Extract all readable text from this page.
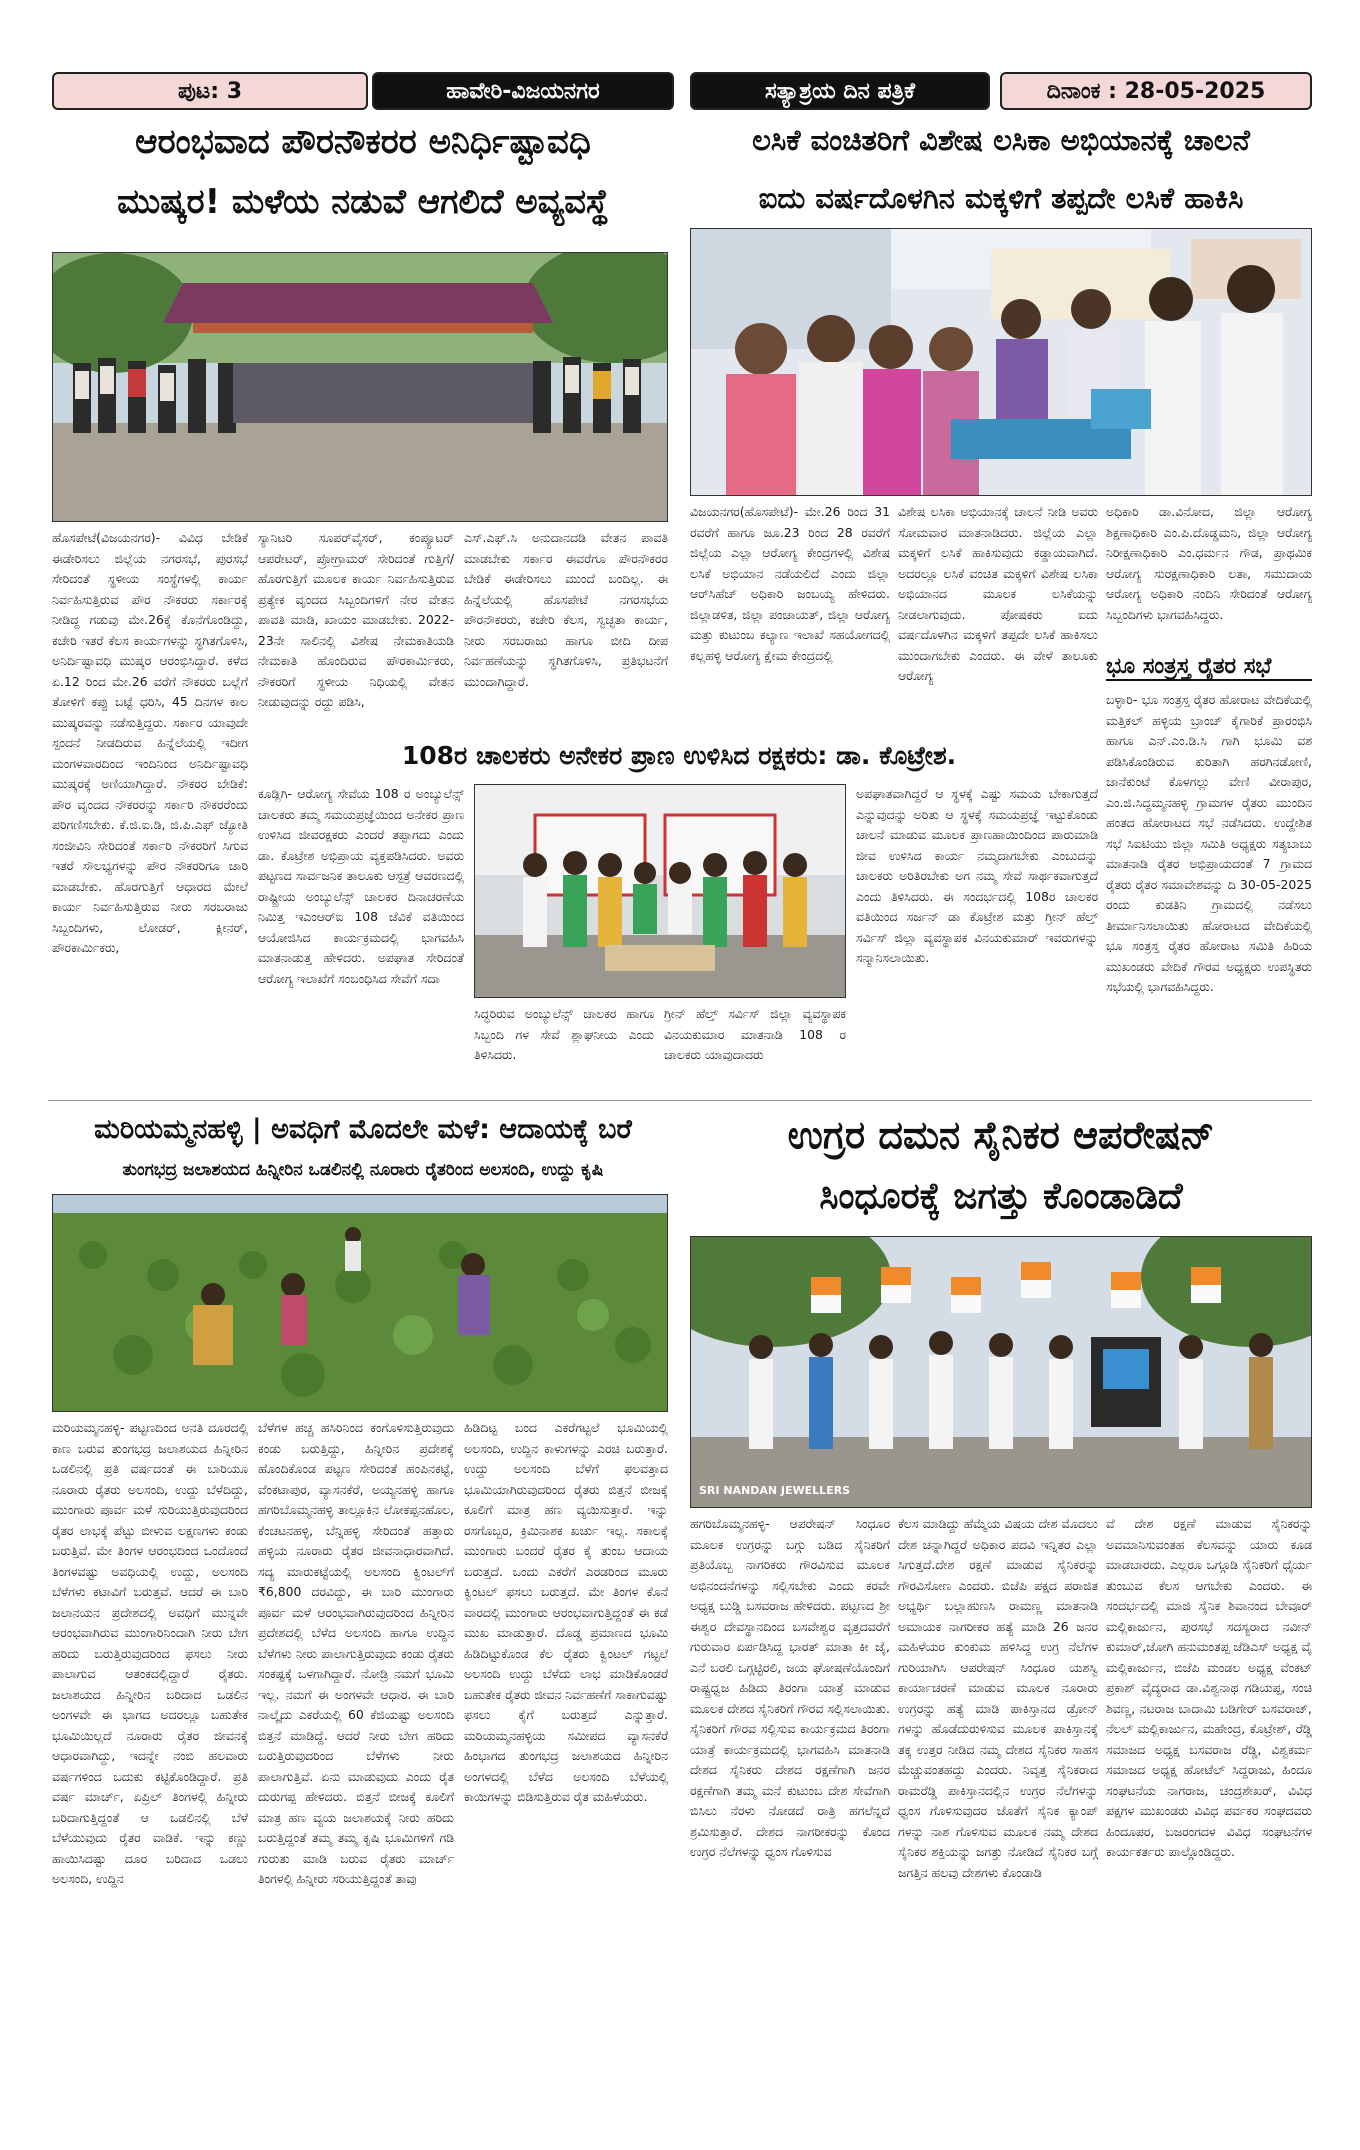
ಪುಟ: 3	ಹಾವೇರಿ-ವಿಜಯನಗರ	ಸತ್ಯಾಶ್ರಯ ದಿನ ಪತ್ರಿಕೆ	ದಿನಾಂಕ : 28-05-2025
ಆರಂಭವಾದ ಪೌರನೌಕರರ ಅನಿರ್ಧಿಷ್ಟಾವಧಿ
ಮುಷ್ಕರ! ಮಳೆಯ ನಡುವೆ ಆಗಲಿದೆ ಅವ್ಯವಸ್ಥೆ
ಹೊಸಪೇಟೆ(ವಿಜಯನಗರ)- ವಿವಿಧ ಬೇಡಿಕೆ ಈಡೇರಿಸಲು ಜಿಲ್ಲೆಯ ನಗರಸಭೆ, ಪುರಸಭೆ ಸೇರಿದಂತೆ ಸ್ಥಳೀಯ ಸಂಸ್ಥೆಗಳಲ್ಲಿ ಕಾರ್ಯ ನಿರ್ವಹಿಸುತ್ತಿರುವ ಪೌರ ನೌಕರರು ಸರ್ಕಾರಕ್ಕೆ ನೀಡಿದ್ದ ಗಡುವು ಮೇ.26ಕ್ಕೆ ಕೊನೆಗೊಂಡಿದ್ದು, ಕಚೇರಿ ಇತರೆ ಕೆಲಸ ಕಾರ್ಯಗಳನ್ನು ಸ್ಥಗಿತಗೊಳಿಸಿ, ಅನಿರ್ದಿಷ್ಟಾವಧಿ ಮುಷ್ಕರ ಆರಂಭಿಸಿದ್ದಾರೆ. ಕಳೆದ ಏ.12 ರಿಂದ ಮೇ.26 ವರೆಗೆ ನೌಕರರು ಬಲ್ಲೆಗೆ ತೋಳಿಗೆ ಕಪ್ಪು ಬಟ್ಟೆ ಧರಿಸಿ, 45 ದಿನಗಳ ಕಾಲ ಮುಷ್ಕರವನ್ನು ನಡೆಸುತ್ತಿದ್ದರು. ಸರ್ಕಾರ ಯಾವುದೇ ಸ್ಪಂದನೆ ನೀಡದಿರುವ ಹಿನ್ನೆಲೆಯಲ್ಲಿ ಇದೀಗ ಮಂಗಳವಾರದಿಂದ ಇಂದಿನಿಂದ ಅನಿರ್ದಿಷ್ಟಾವಧಿ ಮುಷ್ಕರಕ್ಕೆ ಅಣಿಯಾಗಿದ್ದಾರೆ. ನೌಕರರ ಬೇಡಿಕೆ: ಪೌರ ವೃಂದದ ನೌಕರರನ್ನು ಸರ್ಕಾರಿ ನೌಕರರೆಂದು ಪರಿಗಣಿಸಬೇಕು. ಕೆ.ಜಿ.ಐ.ಡಿ, ಜಿ.ಪಿ.ಎಫ್ ಜ್ಯೋತಿ ಸಂಜೀವಿನಿ ಸೇರಿದಂತೆ ಸರ್ಕಾರಿ ನೌಕರರಿಗೆ ಸಿಗುವ ಇತರೆ ಸೌಲಭ್ಯಗಳನ್ನು ಪೌರ ನೌಕರರಿಗೂ ಜಾರಿ ಮಾಡಬೇಕು. ಹೊರಗುತ್ತಿಗೆ ಆಧಾರದ ಮೇಲೆ ಕಾರ್ಯ ನಿರ್ವಹಿಸುತ್ತಿರುವ ನೀರು ಸರಬರಾಜು ಸಿಬ್ಬಂದಿಗಳು, ಲೋಡರ್, ಕ್ಲೀನರ್, ಪೌರಕಾರ್ಮಿಕರು,
ಸ್ಯಾನಿಟರಿ ಸೂಪರ್‌ವೈಸರ್, ಕಂಪ್ಯೂಟರ್ ಆಪರೇಟರ್, ಪ್ರೋಗ್ರಾಮರ್ ಸೇರಿದಂತೆ ಗುತ್ತಿಗೆ/ ಹೊರಗುತ್ತಿಗೆ ಮೂಲಕ ಕಾರ್ಯ ನಿರ್ವಹಿಸುತ್ತಿರುವ ಪ್ರತ್ಯೇಕ ವೃಂದದ ಸಿಬ್ಬಂದಿಗಳಿಗೆ ನೇರ ವೇತನ ಪಾವತಿ ಮಾಡಿ, ಖಾಯಂ ಮಾಡಬೇಕು. 2022-23ನೇ ಸಾಲಿನಲ್ಲಿ ವಿಶೇಷ ನೇಮಕಾತಿಯಡಿ ನೇಮಕಾತಿ ಹೊಂದಿರುವ ಪೌರಕಾರ್ಮಿಕರು, ನೌಕರರಿಗೆ ಸ್ಥಳೀಯ ನಿಧಿಯಲ್ಲಿ ವೇತನ ನೀಡುವುದನ್ನು ರದ್ದು ಪಡಿಸಿ,
ಎಸ್.ಎಫ್.ಸಿ ಅನುದಾನದಡಿ ವೇತನ ಪಾವತಿ ಮಾಡಬೇಕು ಸರ್ಕಾರ ಈವರೆಗೂ ಪೌರನೌಕರರ ಬೇಡಿಕೆ ಈಡೇರಿಸಲು ಮುಂದೆ ಬಂದಿಲ್ಲ. ಈ ಹಿನ್ನೆಲೆಯಲ್ಲಿ ಹೊಸಪೇಟೆ ನಗರಸಭೆಯ ಪೌರನೌಕರರು, ಕಚೇರಿ ಕೆಲಸ, ಸ್ವಚ್ಛತಾ ಕಾರ್ಯ, ನೀರು ಸರಬರಾಜು ಹಾಗೂ ಬೀದಿ ದೀಪ ನಿರ್ವಹಣೆಯನ್ನು ಸ್ಥಗಿತಗೊಳಿಸಿ, ಪ್ರತಿಭಟನೆಗೆ ಮುಂದಾಗಿದ್ದಾರೆ.
ಲಸಿಕೆ ವಂಚಿತರಿಗೆ ವಿಶೇಷ ಲಸಿಕಾ ಅಭಿಯಾನಕ್ಕೆ ಚಾಲನೆ
ಐದು ವರ್ಷದೊಳಗಿನ ಮಕ್ಕಳಿಗೆ ತಪ್ಪದೇ ಲಸಿಕೆ ಹಾಕಿಸಿ
ವಿಜಯನಗರ(ಹೊಸಪೇಟೆ)- ಮೇ.26 ರಿಂದ 31 ರವರೆಗೆ ಹಾಗೂ ಜೂ.23 ರಿಂದ 28 ರವರೆಗೆ ಜಿಲ್ಲೆಯ ಎಲ್ಲಾ ಆರೋಗ್ಯ ಕೇಂದ್ರಗಳಲ್ಲಿ ವಿಶೇಷ ಲಸಿಕೆ ಅಭಿಯಾನ ನಡೆಯಲಿದೆ ಎಂದು ಜಿಲ್ಲಾ ಆರ್‌ಸಿಹೆಚ್ ಅಧಿಕಾರಿ ಜಂಬಯ್ಯ ಹೇಳಿದರು. ಜಿಲ್ಲಾಡಳಿತ, ಜಿಲ್ಲಾ ಪಂಚಾಯತ್, ಜಿಲ್ಲಾ ಆರೋಗ್ಯ ಮತ್ತು ಕುಟುಂಬ ಕಲ್ಯಾಣ ಇಲಾಖೆ ಸಹಯೋಗದಲ್ಲಿ ಕಲ್ಲಹಳ್ಳಿ ಆರೋಗ್ಯ ಕ್ಷೇಮ ಕೇಂದ್ರದಲ್ಲಿ
ವಿಶೇಷ ಲಸಿಕಾ ಅಭಿಯಾನಕ್ಕೆ ಚಾಲನೆ ನೀಡಿ ಅವರು ಸೋಮವಾರ ಮಾತನಾಡಿದರು. ಜಿಲ್ಲೆಯ ಎಲ್ಲಾ ಮಕ್ಕಳಿಗೆ ಲಸಿಕೆ ಹಾಕಿಸುವುದು ಕಡ್ಡಾಯವಾಗಿದೆ. ಅದರಲ್ಲೂ ಲಸಿಕೆ ವಂಚಿತ ಮಕ್ಕಳಿಗೆ ವಿಶೇಷ ಲಸಿಕಾ ಅಭಿಯಾನದ ಮೂಲಕ ಲಸಿಕೆಯನ್ನು ನೀಡಲಾಗುವುದು. ಪೋಷಕರು ಐದು ವರ್ಷದೊಳಗಿನ ಮಕ್ಕಳಿಗೆ ತಪ್ಪದೇ ಲಸಿಕೆ ಹಾಕಿಸಲು ಮುಂದಾಗಬೇಕು ಎಂದರು. ಈ ವೇಳೆ ತಾಲೂಕು ಆರೋಗ್ಯ
ಅಧಿಕಾರಿ ಡಾ.ವಿನೋದ, ಜಿಲ್ಲಾ ಆರೋಗ್ಯ ಶಿಕ್ಷಣಾಧಿಕಾರಿ ಎಂ.ಪಿ.ದೊಡ್ಡಮನಿ, ಜಿಲ್ಲಾ ಆರೋಗ್ಯ ನಿರೀಕ್ಷಣಾಧಿಕಾರಿ ಎಂ.ಧರ್ಮನ ಗೌಡ, ಪ್ರಾಥಮಿಕ ಆರೋಗ್ಯ ಸುರಕ್ಷಣಾಧಿಕಾರಿ ಲತಾ, ಸಮುದಾಯ ಆರೋಗ್ಯ ಅಧಿಕಾರಿ ನಂದಿನಿ ಸೇರಿದಂತೆ ಆರೋಗ್ಯ ಸಿಬ್ಬಂದಿಗಳು ಭಾಗವಹಿಸಿದ್ದರು.
ಭೂ ಸಂತ್ರಸ್ತ ರೈತರ ಸಭೆ
ಬಳ್ಳಾರಿ- ಭೂ ಸಂತ್ರಸ್ತ ರೈತರ ಹೋರಾಟ ವೇದಿಕೆಯಲ್ಲಿ ಮತ್ತಿಕಲ್ ಹಳ್ಳಿಯ ಬ್ರಾಂಚ್ ಕೈಗಾರಿಕೆ ಪ್ರಾರಂಭಿಸಿ ಹಾಗೂ ಎನ್.ಎಂ.ಡಿ.ಸಿ ಗಾಗಿ ಭೂಮಿ ವಶ ಪಡಿಸಿಕೊಂಡಿರುವ ಕುರಿತಾಗಿ ಹರಗಿನಡೋಣಿ, ಜಾನೆಕುಂಟೆ ಕೊಳಗಲ್ಲು ವೇಣಿ ವೀರಾಪುರ, ಎಂ.ಜಿ.ಸಿದ್ದಮ್ಮನಹಳ್ಳಿ ಗ್ರಾಮಗಳ ರೈತರು ಮುಂದಿನ ಹಂತದ ಹೋರಾಟದ ಸಭೆ ನಡೆಸಿದರು. ಉದ್ದೇಶಿತ ಸಭೆ ಸಿಐಟಿಯು ಜಿಲ್ಲಾ ಸಮಿತಿ ಅಧ್ಯಕ್ಷರು ಸತ್ಯಬಾಬು ಮಾತನಾಡಿ ರೈತರ ಅಭಿಪ್ರಾಯದಂತೆ 7 ಗ್ರಾಮದ ರೈತರು ರೈತರ ಸಮಾವೇಶವನ್ನು ದಿ 30-05-2025 ರಂದು ಕುಡತಿನಿ ಗ್ರಾಮದಲ್ಲಿ ನಡೆಸಲು ತೀರ್ಮಾನಿಸಲಾಯಿತು ಹೋರಾಟದ ವೇದಿಕೆಯಲ್ಲಿ ಭೂ ಸಂತ್ರಸ್ತ ರೈತರ ಹೋರಾಟ ಸಮಿತಿ ಹಿರಿಯ ಮುಖಂಡರು ವೇದಿಕೆ ಗೌರವ ಅಧ್ಯಕ್ಷರು ಉಪಸ್ಥಿತರು ಸಭೆಯಲ್ಲಿ ಭಾಗವಹಿಸಿದ್ದರು.
108ರ ಚಾಲಕರು ಅನೇಕರ ಪ್ರಾಣ ಉಳಿಸಿದ ರಕ್ಷಕರು: ಡಾ. ಕೊಟ್ರೇಶ.
ಕೂಡ್ಲಿಗಿ- ಆರೋಗ್ಯ ಸೇವೆಯ 108 ರ ಅಂಬ್ಯುಲೆನ್ಸ್ ಚಾಲಕರು ತಮ್ಮ ಸಮಯಪ್ರಜ್ಞೆಯಿಂದ ಅನೇಕರ ಪ್ರಾಣ ಉಳಿಸಿದ ಜೀವರಕ್ಷಕರು ಎಂದರೆ ತಪ್ಪಾಗದು ಎಂದು ಡಾ. ಕೊಟ್ರೇಶ ಅಭಿಪ್ರಾಯ ವ್ಯಕ್ತಪಡಿಸಿದರು. ಅವರು ಪಟ್ಟಣದ ಸಾರ್ವಜನಿಕ ತಾಲೂಕು ಆಸ್ಪತ್ರೆ ಆವರಣದಲ್ಲಿ ರಾಷ್ಟ್ರೀಯ ಅಂಬ್ಯುಲೆನ್ಸ್ ಚಾಲಕರ ದಿನಾಚರಣೆಯ ನಿಮಿತ್ತ ಇಎಂಆರ್‌ಐ 108 ಜೆವಿಕೆ ವತಿಯಿಂದ ಆಯೋಜಿಸಿದ ಕಾರ್ಯಕ್ರಮದಲ್ಲಿ ಭಾಗವಹಿಸಿ ಮಾತನಾಡುತ್ತ ಹೇಳಿದರು. ಅಪಘಾತ ಸೇರಿದಂತೆ ಆರೋಗ್ಯ ಇಲಾಖೆಗೆ ಸಂಬಂಧಿಸಿದ ಸೇವೆಗೆ ಸದಾ
ಸಿದ್ಧರಿರುವ ಅಂಬ್ಯುಲೆನ್ಸ್ ಚಾಲಕರ ಹಾಗೂ ಸಿಬ್ಬಂದಿ ಗಳ ಸೇವೆ ಶ್ಲಾಘನೀಯ ಎಂದು ತಿಳಿಸಿದರು.
ಗ್ರೀನ್ ಹೆಲ್ತ್ ಸರ್ವಿಸ್ ಜಿಲ್ಲಾ ವ್ಯವಸ್ಥಾಪಕ ವಿನಯಕುಮಾರ ಮಾತನಾಡಿ 108 ರ ಚಾಲಕರು ಯಾವುದಾದರು
ಅಪಘಾತವಾಗಿದ್ದರೆ ಆ ಸ್ಥಳಕ್ಕೆ ಎಷ್ಟು ಸಮಯ ಬೇಕಾಗುತ್ತದೆ ಎನ್ನುವುದನ್ನು ಅರಿತು ಆ ಸ್ಥಳಕ್ಕೆ ಸಮಯಪ್ರಜ್ಞೆ ಇಟ್ಟುಕೊಂಡು ಚಾಲನೆ ಮಾಡುವ ಮೂಲಕ ಪ್ರಾಣಹಾಯಿಂದಿಂದ ಪಾರುಮಾಡಿ ಜೀವ ಉಳಿಸಿದ ಕಾರ್ಯ ನಮ್ಮದಾಗಬೇಕು ಎಂಬುದನ್ನು ಚಾಲಕರು ಅರಿತಿರಬೇಕು ಅಗ ನಮ್ಮ ಸೇವೆ ಸಾರ್ಥಕವಾಗುತ್ತದೆ ಎಂದು ತಿಳಿಸಿದರು. ಈ ಸಂದರ್ಭದಲ್ಲಿ 108ರ ಚಾಲಕರ ವತಿಯಿಂದ ಸರ್ಜನ್ ಡಾ ಕೊಟ್ರೇಶ ಮತ್ತು ಗ್ರೀನ್ ಹೆಲ್ತ್ ಸರ್ವಿಸ್ ಜಿಲ್ಲಾ ವ್ಯವಸ್ಥಾಪಕ ವಿನಯಕುಮಾರ್ ಇವರುಗಳನ್ನು ಸನ್ಮಾನಿಸಲಾಯಿತು.
ಮರಿಯಮ್ಮನಹಳ್ಳಿ | ಅವಧಿಗೆ ಮೊದಲೇ ಮಳೆ: ಆದಾಯಕ್ಕೆ ಬರೆ
ತುಂಗಭದ್ರ ಜಲಾಶಯದ ಹಿನ್ನೀರಿನ ಒಡಲಿನಲ್ಲಿ ನೂರಾರು ರೈತರಿಂದ ಅಲಸಂದಿ, ಉದ್ದು ಕೃಷಿ
ಮರಿಯಮ್ಮನಹಳ್ಳಿ- ಪಟ್ಟಣದಿಂದ ಅನತಿ ದೂರದಲ್ಲಿ ಕಾಣ ಬರುವ ತುಂಗಭದ್ರ ಜಲಾಶಯದ ಹಿನ್ನೀರಿನ ಒಡಲಿನಲ್ಲಿ ಪ್ರತಿ ವರ್ಷದಂತೆ ಈ ಬಾರಿಯೂ ನೂರಾರು ರೈತರು ಅಲಸಂದಿ, ಉದ್ದು ಬೆಳೆದಿದ್ದು, ಮುಂಗಾರು ಪೂರ್ವ ಮಳೆ ಸುರಿಯುತ್ತಿರುವುದರಿಂದ ರೈತರ ಲಾಭಕ್ಕೆ ಪೆಟ್ಟು ಬೀಳುವ ಲಕ್ಷಣಗಳು ಕಂಡು ಬರುತ್ತಿವೆ. ಮೇ ತಿಂಗಳ ಆರಂಭದಿಂದ ಒಂದೊಂದೆ ತಿಂಗಳವಷ್ಟು ಅವಧಿಯಲ್ಲಿ ಉದ್ದು, ಅಲಸಂದಿ ಬೆಳೆಗಳು ಕಟಾವಿಗೆ ಬರುತ್ತವೆ. ಆದರೆ ಈ ಬಾರಿ ಜಲಾನಯನ ಪ್ರದೇಶದಲ್ಲಿ ಅವಧಿಗೆ ಮುನ್ನವೇ ಆರಂಭವಾಗಿರುವ ಮುಂಗಾರಿನಿಂದಾಗಿ ನೀರು ಬೇಗ ಹರಿದು ಬರುತ್ತಿರುವುದರಿಂದ ಫಸಲು ನೀರು ಪಾಲಾಗುವ ಆತಂಕದಲ್ಲಿದ್ದಾರೆ ರೈತರು. ಜಲಾಶಯದ ಹಿನ್ನೀರಿನ ಬರಿದಾದ ಒಡಲಿನ ಅಂಗಳವೇ ಈ ಭಾಗದ ಅದರಲ್ಲೂ ಬಹುತೇಕ ಭೂಮಿಯಿಲ್ಲದೆ ನೂರಾರು ರೈತರ ಜೀವನಕ್ಕೆ ಆಧಾರವಾಗಿದ್ದು, ಇದನ್ನೇ ನಂಬಿ ಹಲವಾರು ವರ್ಷಗಳಿಂದ ಬದುಕು ಕಟ್ಟಿಕೊಂಡಿದ್ದಾರೆ. ಪ್ರತಿ ವರ್ಷ ಮಾರ್ಚ್, ಏಪ್ರಿಲ್ ತಿಂಗಳಲ್ಲಿ ಹಿನ್ನೀರು ಬರಿದಾಗುತ್ತಿದ್ದಂತೆ ಆ ಒಡಲಿನಲ್ಲಿ ಬೆಳೆ ಬೆಳೆಯುವುದು ರೈತರ ವಾಡಿಕೆ. ಇನ್ನು ಕಣ್ಣು ಹಾಯಿಸಿದಷ್ಟು ದೂರ ಬರಿದಾದ ಒಡಲು ಅಲಸಂದಿ, ಉದ್ದಿನ
ಬೆಳೆಗಳ ಹಚ್ಚ ಹಸಿರಿನಿಂದ ಕಂಗೊಳಿಸುತ್ತಿರುವುದು ಕಂಡು ಬರುತ್ತಿದ್ದು, ಹಿನ್ನೀರಿನ ಪ್ರದೇಶಕ್ಕೆ ಹೊಂದಿಕೊಂಡ ಪಟ್ಟಣ ಸೇರಿದಂತೆ ಹಂಪಿನಕಟ್ಟೆ, ವೆಂಕಟಾಪುರ, ವ್ಯಾಸನಕೆರೆ, ಅಯ್ಯನಹಳ್ಳಿ ಹಾಗೂ ಹಗರಿಬೊಮ್ಮನಹಳ್ಳಿ ತಾಲ್ಲೂಕಿನ ಲೋಕಪ್ಪನಹೊಲ, ಕೆಂಚಟನಹಳ್ಳಿ, ಬೆನ್ನಿಹಳ್ಳಿ ಸೇರಿದಂತೆ ಹತ್ತಾರು ಹಳ್ಳಿಯ ನೂರಾರು ರೈತರ ಜೀವನಾಧಾರವಾಗಿದೆ. ಸದ್ಯ ಮಾರುಕಟ್ಟೆಯಲ್ಲಿ ಅಲಸಂದಿ ಕ್ವಿಂಟಲ್‌ಗೆ ₹6,800 ದರವಿದ್ದು, ಈ ಬಾರಿ ಮುಂಗಾರು ಪೂರ್ವ ಮಳೆ ಆರಂಭವಾಗಿರುವುದರಿಂದ ಹಿನ್ನೀರಿನ ಪ್ರದೇಶದಲ್ಲಿ ಬೆಳೆದ ಅಲಸಂದಿ ಹಾಗೂ ಉದ್ದಿನ ಬೆಳೆಗಳು ನೀರು ಪಾಲಾಗುತ್ತಿರುವುದು ಕಂಡು ರೈತರು ಸಂಕಷ್ಟಕ್ಕೆ ಒಳಗಾಗಿದ್ದಾರೆ. ನೋಡ್ರಿ ನಮಗೆ ಭೂಮಿ ಇಲ್ಲ. ನಮಗೆ ಈ ಅಂಗಳವೇ ಆಧಾರ. ಈ ಬಾರಿ ನಾಲ್ಕೈದು ಎಕರೆಯಲ್ಲಿ 60 ಕೆಜಿಯಷ್ಟು ಅಲಸಂದಿ ಬಿತ್ತನೆ ಮಾಡಿದ್ದೆ. ಆದರೆ ನೀರು ಬೇಗ ಹರಿದು ಬರುತ್ತಿರುವುದರಿಂದ ಬೆಳೆಗಳು ನೀರು ಪಾಲಾಗುತ್ತಿವೆ. ಏನು ಮಾಡುವುದು ಎಂದು ರೈತ ದುರುಗಪ್ಪ ಹೇಳಿದರು. ಬಿತ್ತನೆ ಬೀಜಕ್ಕೆ ಕೂಲಿಗೆ ಮಾತ್ರ ಹಣ ವ್ಯಯ ಜಲಾಶಯಕ್ಕೆ ನೀರು ಹರಿದು ಬರುತ್ತಿದ್ದಂತೆ ತಮ್ಮ ತಮ್ಮ ಕೃಷಿ ಭೂಮಿಗಳಿಗೆ ಗಡಿ ಗುರುತು ಮಾಡಿ ಬರುವ ರೈತರು ಮಾರ್ಚ್ ತಿಂಗಳಲ್ಲಿ ಹಿನ್ನೀರು ಸರಿಯುತ್ತಿದ್ದಂತೆ ತಾವು
ಹಿಡಿದಿಟ್ಟ ಬಂದ ಎಕರೆಗಟ್ಟಲೆ ಭೂಮಿಯಲ್ಲಿ ಅಲಸಂದಿ, ಉದ್ದಿನ ಕಾಳುಗಳನ್ನು ಎರಚಿ ಬರುತ್ತಾರೆ. ಉದ್ದು ಅಲಸಂದಿ ಬೆಳೆಗೆ ಫಲವತ್ತಾದ ಭೂಮಿಯಾಗಿರುವುದರಿಂದ ರೈತರು ಬಿತ್ತನೆ ಬೀಜಕ್ಕೆ ಕೂಲಿಗೆ ಮಾತ್ರ ಹಣ ವ್ಯಯಿಸುತ್ತಾರೆ. ಇನ್ನು ರಸಗೊಬ್ಬರ, ಕ್ರಿಮಿನಾಶಕ ಖರ್ಚು ಇಲ್ಲ. ಸಕಾಲಕ್ಕೆ ಮುಂಗಾರು ಬಂದರೆ ರೈತರ ಕೈ ತುಂಬ ಆದಾಯ ಬರುತ್ತದೆ. ಒಂದು ಎಕರೆಗೆ ಎರಡರಿಂದ ಮೂರು ಕ್ವಿಂಟಲ್ ಫಸಲು ಬರುತ್ತದೆ. ಮೇ ತಿಂಗಳ ಕೊನೆ ವಾರದಲ್ಲಿ ಮುಂಗಾರು ಆರಂಭವಾಗುತ್ತಿದ್ದಂತೆ ಈ ಕಡೆ ಮುಖ ಮಾಡುತ್ತಾರೆ. ದೊಡ್ಡ ಪ್ರಮಾಣದ ಭೂಮಿ ಹಿಡಿದಿಟ್ಟುಕೊಂಡ ಕೆಲ ರೈತರು ಕ್ವಿಂಟಲ್ ಗಟ್ಟಲೆ ಅಲಸಂದಿ ಉದ್ದು ಬೆಳೆದು ಲಾಭ ಮಾಡಿಕೊಂಡರೆ ಬಹುತೇಕ ರೈತರು ಜೀವನ ನಿರ್ವಹಣೆಗೆ ಸಾಕಾಗುವಷ್ಟು ಫಸಲು ಕೈಗೆ ಬರುತ್ತದೆ ಎನ್ನುತ್ತಾರೆ. ಮರಿಯಮ್ಮನಹಳ್ಳಿಯ ಸಮೀಪದ ವ್ಯಾಸನಕೆರೆ ಹಿಂಭಾಗದ ತುಂಗಭದ್ರ ಜಲಾಶಯದ ಹಿನ್ನೀರಿನ ಅಂಗಳದಲ್ಲಿ ಬೆಳೆದ ಅಲಸಂದಿ ಬೆಳೆಯಲ್ಲಿ ಕಾಯಿಗಳನ್ನು ಬಿಡಿಸುತ್ತಿರುವ ರೈತ ಮಹಿಳೆಯರು.
ಉಗ್ರರ ದಮನ ಸೈನಿಕರ ಆಪರೇಷನ್
ಸಿಂಧೂರಕ್ಕೆ ಜಗತ್ತು ಕೊಂಡಾಡಿದೆ
SRI NANDAN JEWELLERS
ಹಗರಿಬೊಮ್ಮನಹಳ್ಳಿ- ಆಪರೇಷನ್ ಸಿಂಧೂರ ಮೂಲಕ ಉಗ್ರರನ್ನು ಬಗ್ಗು ಬಡಿದ ಸೈನಿಕರಿಗೆ ಪ್ರತಿಯೊಬ್ಬ ನಾಗರಿಕರು ಗೌರವಿಸುವ ಮೂಲಕ ಅಭಿನಂದನೆಗಳನ್ನು ಸಲ್ಲಿಸಬೇಕು ಎಂದು ಕರವೇ ಅಧ್ಯಕ್ಷ ಬುಡ್ಡಿ ಬಸವರಾಜ ಹೇಳಿದರು. ಪಟ್ಟಣದ ಶ್ರೀ ಈಶ್ವರ ದೇವಸ್ಥಾನದಿಂದ ಬಸವೇಶ್ವರ ವೃತ್ತದವರೆಗೆ ಗುರುವಾರ ಏರ್ಪಡಿಸಿದ್ದ ಭಾರತ್ ಮಾತಾ ಕೀ ಜೈ, ಎನೆ ಬರಲಿ ಒಗ್ಗಟ್ಟಿರಲಿ, ಜಯ ಘೋಷಣೆಯೊಂದಿಗೆ ರಾಷ್ಟ್ರಧ್ವಜ ಹಿಡಿದು ತಿರಂಗಾ ಯಾತ್ರೆ ಮಾಡುವ ಮೂಲಕ ದೇಶದ ಸೈನಿಕರಿಗೆ ಗೌರವ ಸಲ್ಲಿಸಲಾಯಿತು. ಸೈನಿಕರಿಗೆ ಗೌರವ ಸಲ್ಲಿಸುವ ಕಾರ್ಯಕ್ರಮದ ತಿರಂಗಾ ಯಾತ್ರೆ ಕಾರ್ಯಕ್ರಮದಲ್ಲಿ ಭಾಗವಹಿಸಿ ಮಾತನಾಡಿ ದೇಶದ ಸೈನಿಕರು ದೇಶದ ರಕ್ಷಣೆಗಾಗಿ ಜನರ ರಕ್ಷಣೆಗಾಗಿ ತಮ್ಮ ಮನೆ ಕುಟುಂಬ ದೇಶ ಸೇವೆಗಾಗಿ ಬಿಸಿಲು ನೆರಳು ನೋಡದೆ ರಾತ್ರಿ ಹಗಲೆನ್ನದೆ ಶ್ರಮಿಸುತ್ತಾರೆ. ದೇಶದ ನಾಗರೀಕರನ್ನು ಕೊಂದ ಉಗ್ರರ ನೆಲೆಗಳನ್ನು ಧ್ವಂಸ ಗೊಳಿಸುವ
ಕೆಲಸ ಮಾಡಿದ್ದು ಹೆಮ್ಮೆಯ ವಿಷಯ ದೇಶ ಮೊದಲು ದೇಶ ಚನ್ನಾಗಿದ್ದರೆ ಅಧಿಕಾರ ಪದವಿ ಇನ್ನಿತರ ಎಲ್ಲಾ ಸಿಗುತ್ತದೆ.ದೇಶ ರಕ್ಷಣೆ ಮಾಡುವ ಸೈನಿಕರನ್ನು ಗೌರವಿಸೋಣ ಎಂದರು. ಬಿಜೆಪಿ ಪಕ್ಷದ ಪರಾಜಿತ ಅಭ್ಯರ್ಥಿ ಬಲ್ಲಾಹುಣಸಿ ರಾಮಣ್ಣ ಮಾತನಾಡಿ ಅಮಾಯಕ ನಾಗರೀಕರ ಹತ್ಯೆ ಮಾಡಿ 26 ಜನರ ಮಹಿಳೆಯರ ಕುಂಕುಮ ಹಳಿಸಿದ್ದ ಉಗ್ರ ನೆಲೆಗಳ ಗುರಿಯಾಗಿಸಿ ಆಪರೇಷನ್ ಸಿಂಧೂರ ಯಶಸ್ವಿ ಕಾರ್ಯಾಚರಣೆ ಮಾಡುವ ಮೂಲಕ ನೂರಾರು ಉಗ್ರರನ್ನು ಹತ್ಯೆ ಮಾಡಿ ಪಾಕಿಸ್ತಾನದ ಡ್ರೋನ್ ಗಳನ್ನು ಹೊಡೆದುರುಳಿಸುವ ಮೂಲಕ ಪಾಕಿಸ್ತಾನಕ್ಕೆ ತಕ್ಕ ಉತ್ತರ ನೀಡಿದ ನಮ್ಮ ದೇಶದ ಸೈನಿಕರ ಸಾಹಸ ಮೆಚ್ಚುವಂತಹದ್ದು ಎಂದರು. ನಿವೃತ್ತ ಸೈನಿಕರಾದ ರಾಮರೆಡ್ಡಿ ಪಾಕಿಸ್ತಾನದಲ್ಲಿನ ಉಗ್ರರ ನೆಲೆಗಳನ್ನು ಧ್ವಂಸ ಗೊಳಿಸುವುದರ ಜೊತೆಗೆ ಸೈನಿಕ ಕ್ಯಾಂಪ್ ಗಳನ್ನು ನಾಶ ಗೊಳಿಸುವ ಮೂಲಕ ನಮ್ಮ ದೇಶದ ಸೈನಿಕರ ಶಕ್ತಿಯನ್ನು ಜಗತ್ತು ನೋಡಿದೆ ಸೈನಿಕರ ಬಗ್ಗೆ ಜಗತ್ತಿನ ಹಲವು ದೇಶಗಳು ಕೊಂಡಾಡಿ
ವೆ ದೇಶ ರಕ್ಷಣೆ ಮಾಡುವ ಸೈನಿಕರನ್ನು ಅವಮಾನಿಸುವಂತಹ ಕೆಲಸವನ್ನು ಯಾರು ಕೂಡ ಮಾಡಬಾರದು. ಎಲ್ಲರೂ ಒಗ್ಗೂಡಿ ಸೈನಿಕರಿಗೆ ಧೈರ್ಯ ತುಂಬುವ ಕೆಲಸ ಆಗಬೇಕು ಎಂದರು. ಈ ಸಂದರ್ಭದಲ್ಲಿ ಮಾಜಿ ಸೈನಿಕ ಶಿವಾನಂದ ಬೇವೂರ್ ಮಲ್ಲಿಕಾರ್ಜುನ, ಪುರಸಭೆ ಸದಸ್ಯರಾದ ನವೀನ್ ಕುಮಾರ್,ಜೋಗಿ ಹನುಮಂತಪ್ಪ ಜೆಡಿಎಸ್ ಅಧ್ಯಕ್ಷ ವೈ ಮಲ್ಲಿಕಾರ್ಜುನ, ಬಿಜೆಪಿ ಮಂಡಲ ಅಧ್ಯಕ್ಷ ವೆಂಕಟ್ ಪ್ರಕಾಶ್ ವೈದ್ಯರಾದ ಡಾ.ವಿಶ್ವನಾಥ ಗಡಿಯಪ್ಪ, ಸಂಚಿ ಶಿವಣ್ಣ, ನಟರಾಜ ಬಾದಾಮಿ ಬಡಿಗೇರ್ ಬಸವರಾಜ್, ನೆಲಲ್ ಮಲ್ಲಿಕಾರ್ಜುನ, ಮಹೇಂದ್ರ, ಕೊಟ್ರೇಶ್, ರೆಡ್ಡಿ ಸಮಾಜದ ಅಧ್ಯಕ್ಷ ಬಸವರಾಜ ರೆಡ್ಡಿ, ವಿಶ್ವಕರ್ಮ ಸಮಾಜದ ಅಧ್ಯಕ್ಷ ಹೋಟೆಲ್ ಸಿದ್ದರಾಜು, ಹಿಂದೂ ಸಂಘಟನೆಯ ನಾಗರಾಜ, ಚಂದ್ರಶೇಖರ್, ವಿವಿಧ ಪಕ್ಷಗಳ ಮುಖಂಡರು ವಿವಿಧ ಪರ್ವಕರ ಸಂಘದವರು ಹಿಂದೂಪರ, ಬಜರಂಗದಳ ವಿವಿಧ ಸಂಘಟನೆಗಳ ಕಾರ್ಯಕರ್ತರು ಪಾಲ್ಗೊಂಡಿದ್ದರು.
